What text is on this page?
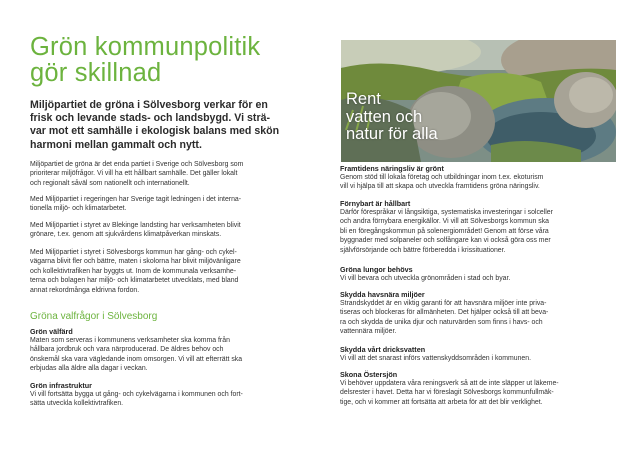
Grön kommunpolitik
gör skillnad
Miljöpartiet de gröna i Sölvesborg verkar för en
frisk och levande stads- och landsbygd. Vi strä-
var mot ett samhälle i ekologisk balans med skön
harmoni mellan gammalt och nytt.
Miljöpartiet de gröna är det enda partiet i Sverige och Sölvesborg som
prioriterar miljöfrågor. Vi vill ha ett hållbart samhälle. Det gäller lokalt
och regionalt såväl som nationellt och internationellt.
Med Miljöpartiet i regeringen har Sverige tagit ledningen i det interna-
tionella miljö- och klimatarbetet.
Med Miljöpartiet i styret av Blekinge landsting har verksamheten blivit
grönare, t.ex. genom att sjukvårdens klimatpåverkan minskats.
Med Miljöpartiet i styret i Sölvesborgs kommun har gång- och cykel-
vägarna blivit fler och bättre, maten i skolorna har blivit miljövänligare
och kollektivtrafiken har byggts ut. Inom de kommunala verksamhe-
terna och bolagen har miljö- och klimatarbetet utvecklats, med bland
annat rekordmånga eldrivna fordon.
Gröna valfrågor i Sölvesborg
Grön välfärd
Maten som serveras i kommunens verksamheter ska komma från
hållbara jordbruk och vara närproducerad. De äldres behov och
önskemål ska vara vägledande inom omsorgen. Vi vill att efterrätt ska
erbjudas alla äldre alla dagar i veckan.
Grön infrastruktur
Vi vill fortsätta bygga ut gång- och cykelvägarna i kommunen och fort-
sätta utveckla kollektivtrafiken.
Rent
vatten och
natur för alla
Framtidens näringsliv är grönt
Genom stöd till lokala företag och utbildningar inom t.ex. ekoturism
vill vi hjälpa till att skapa och utveckla framtidens gröna näringsliv.
Förnybart är hållbart
Därför förespråkar vi långsiktiga, systematiska investeringar i solceller
och andra förnybara energikällor. Vi vill att Sölvesborgs kommun ska
bli en föregångskommun på solenergiområdet! Genom att förse våra
byggnader med solpaneler och solfångare kan vi också göra oss mer
självförsörjande och bättre förberedda i krissituationer.
Gröna lungor behövs
Vi vill bevara och utveckla grönområden i stad och byar.
Skydda havsnära miljöer
Strandskyddet är en viktig garanti för att havsnära miljöer inte priva-
tiseras och blockeras för allmänheten. Det hjälper också till att beva-
ra och skydda de unika djur och naturvärden som finns i havs- och
vattennära miljöer.
Skydda vårt dricksvatten
Vi vill att det snarast införs vattenskyddsområden i kommunen.
Skona Östersjön
Vi behöver uppdatera våra reningsverk så att de inte släpper ut läkeme-
delsrester i havet. Detta har vi föreslagit Sölvesborgs kommunfullmäk-
tige, och vi kommer att fortsätta att arbeta för att det blir verklighet.
